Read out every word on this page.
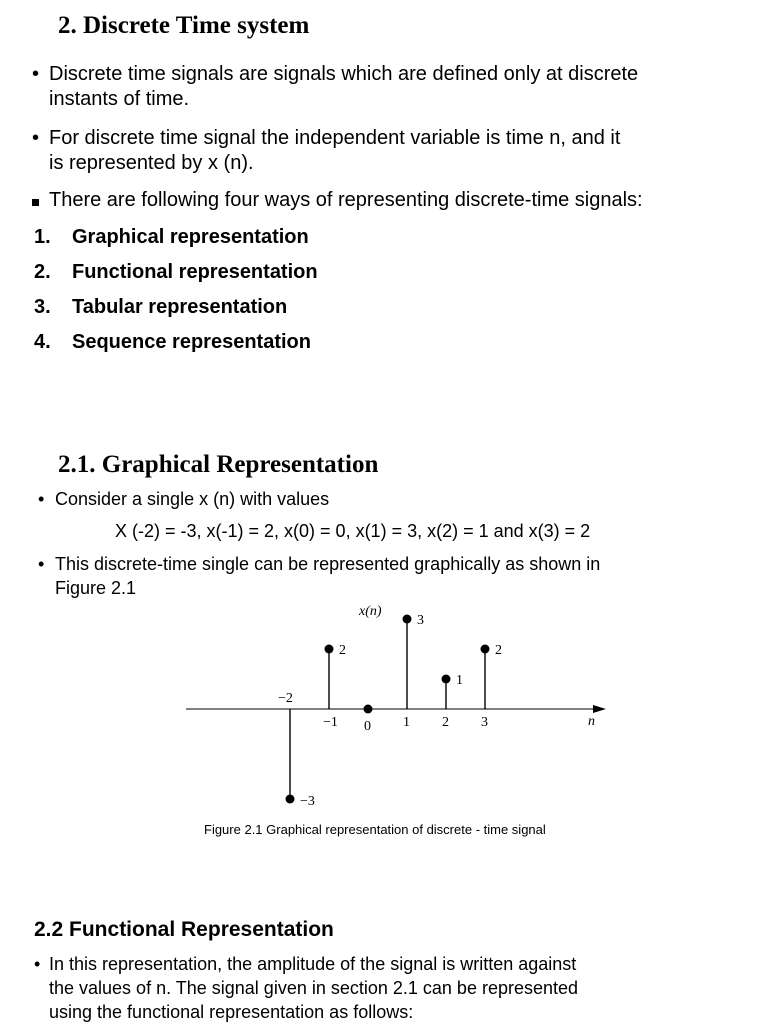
2. Discrete Time system
• Discrete time signals are signals which are defined only at discrete
instants of time.
• For discrete time signal the independent variable is time n, and it
is represented by x (n).
There are following four ways of representing discrete-time signals:
1.	Graphical representation
2.	Functional representation
3.	Tabular representation
4.	Sequence representation
2.1. Graphical Representation
• Consider a single x (n) with values
X (-2) = -3, x(-1) = 2, x(0) = 0, x(1) = 3, x(2) = 1 and x(3) = 2
• This discrete-time single can be represented graphically as shown in
Figure 2.1
x(n)
n
−3
−2
2
−1 0
3
1
1
2
2
3
Figure 2.1 Graphical representation of discrete - time signal
2.2 Functional Representation
• In this representation, the amplitude of the signal is written against
the values of n. The signal given in section 2.1 can be represented
using the functional representation as follows:
